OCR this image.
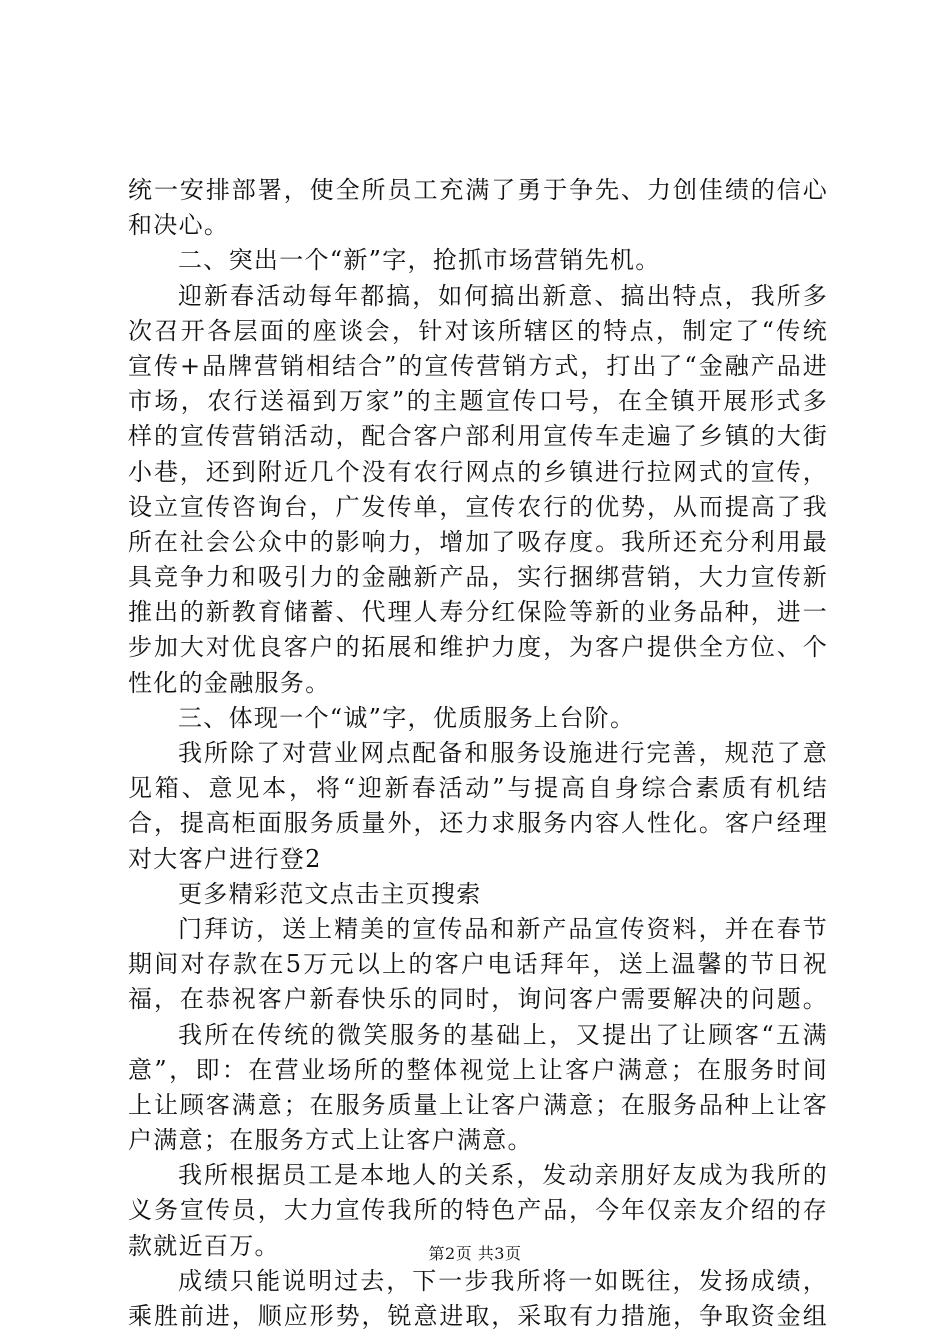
统一安排部署，使全所员工充满了勇于争先、力创佳绩的信心
和决心。
二、突出一个“新”字，抢抓市场营销先机。
迎新春活动每年都搞，如何搞出新意、搞出特点，我所多
次召开各层面的座谈会，针对该所辖区的特点，制定了“传统
宣传+品牌营销相结合”的宣传营销方式，打出了“金融产品进
市场，农行送福到万家”的主题宣传口号，在全镇开展形式多
样的宣传营销活动，配合客户部利用宣传车走遍了乡镇的大街
小巷，还到附近几个没有农行网点的乡镇进行拉网式的宣传，
设立宣传咨询台，广发传单，宣传农行的优势，从而提高了我
所在社会公众中的影响力，增加了吸存度。我所还充分利用最
具竞争力和吸引力的金融新产品，实行捆绑营销，大力宣传新
推出的新教育储蓄、代理人寿分红保险等新的业务品种，进一
步加大对优良客户的拓展和维护力度，为客户提供全方位、个
性化的金融服务。
三、体现一个“诚”字，优质服务上台阶。
我所除了对营业网点配备和服务设施进行完善，规范了意
见箱、意见本，将“迎新春活动”与提高自身综合素质有机结
合，提高柜面服务质量外，还力求服务内容人性化。客户经理
对大客户进行登2
更多精彩范文点击主页搜索
门拜访，送上精美的宣传品和新产品宣传资料，并在春节
期间对存款在5万元以上的客户电话拜年，送上温馨的节日祝
福，在恭祝客户新春快乐的同时，询问客户需要解决的问题。
我所在传统的微笑服务的基础上，又提出了让顾客“五满
意”，即：在营业场所的整体视觉上让客户满意；在服务时间
上让顾客满意；在服务质量上让客户满意；在服务品种上让客
户满意；在服务方式上让客户满意。
我所根据员工是本地人的关系，发动亲朋好友成为我所的
义务宣传员，大力宣传我所的特色产品，今年仅亲友介绍的存
款就近百万。
成绩只能说明过去，下一步我所将一如既往，发扬成绩，
乘胜前进，顺应形势，锐意进取，采取有力措施，争取资金组
第2页 共3页
